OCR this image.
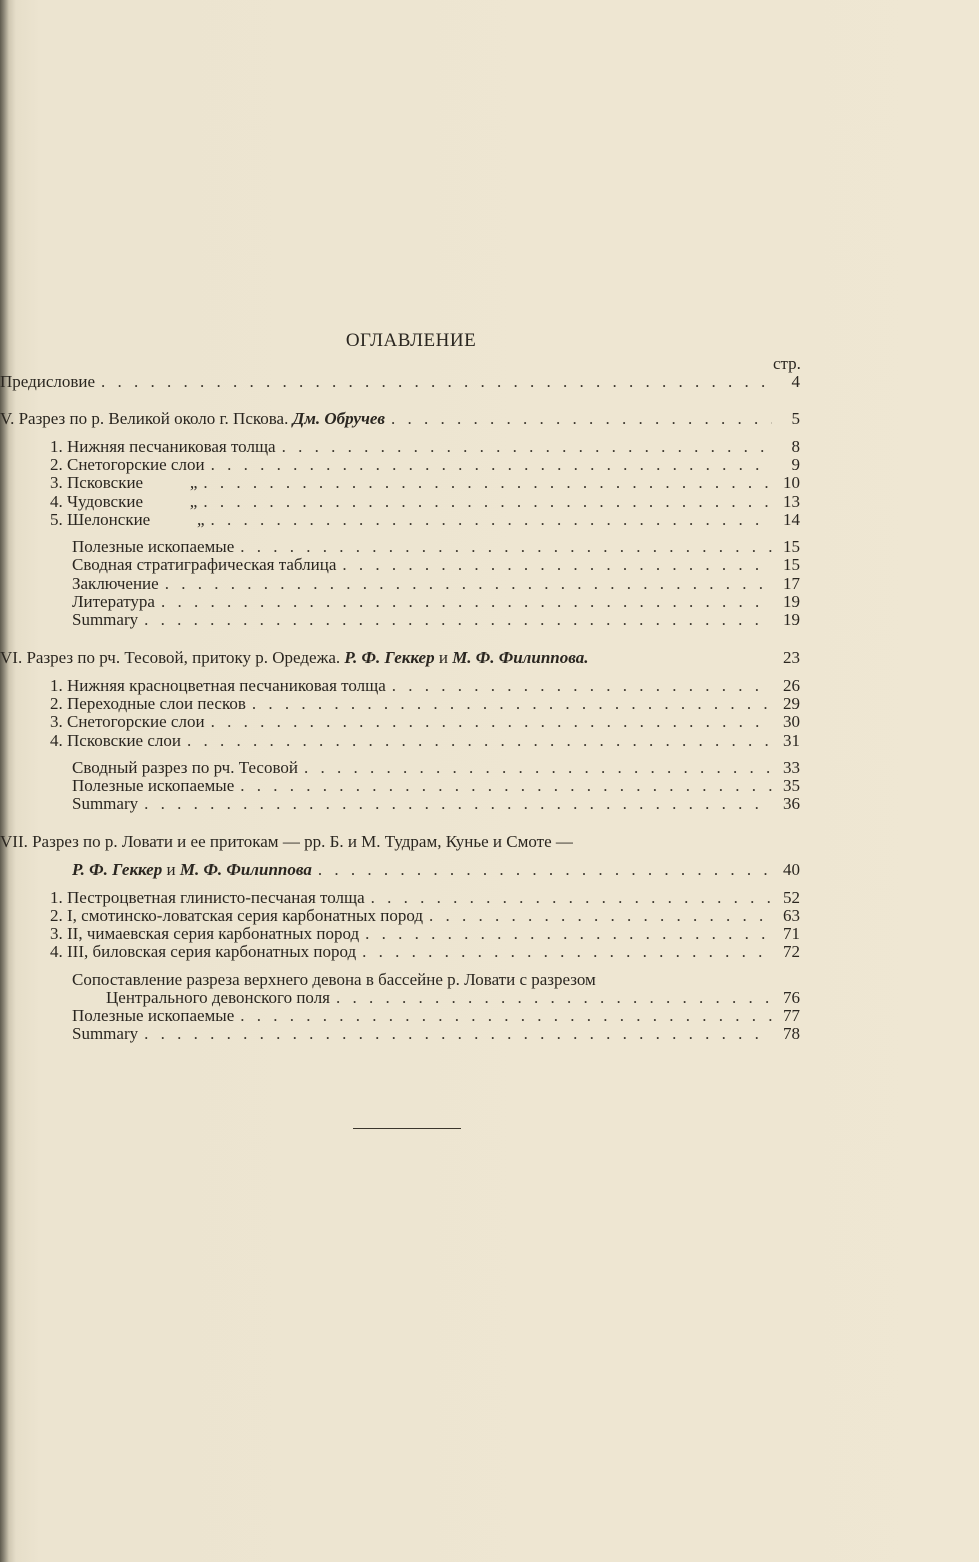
ОГЛАВЛЕНИЕ
стр.
Предисловие . . .	4
V. Разрез по р. Великой около г. Пскова. Дм. Обручев . . .	5
1. Нижняя песчаниковая толща . . .	8
2. Снетогорские слои . . .	9
3. Псковские           „ . . .	10
4. Чудовские           „ . . .	13
5. Шелонские           „ . . .	14
Полезные ископаемые . . .	15
Сводная стратиграфическая таблица . . .	15
Заключение . . .	17
Литература . . .	19
Summary . . .	19
VI. Разрез по рч. Тесовой, притоку р. Оредежа. Р. Ф. Геккер и М. Ф. Филиппова.	23
1. Нижняя красноцветная песчаниковая толща . . .	26
2. Переходные слои песков . . .	29
3. Снетогорские слои . . .	30
4. Псковские слои . . .	31
Сводный разрез по рч. Тесовой . . .	33
Полезные ископаемые . . .	35
Summary . . .	36
VII. Разрез по р. Ловати и ее притокам — рр. Б. и М. Тудрам, Кунье и Смоте —
Р. Ф. Геккер и М. Ф. Филиппова . . .	40
1. Пестроцветная глинисто-песчаная толща . . .	52
2. I, смотинско-ловатская серия карбонатных пород . . .	63
3. II, чимаевская серия карбонатных пород . . .	71
4. III, биловская серия карбонатных пород . . .	72
Сопоставление разреза верхнего девона в бассейне р. Ловати с разрезом
Центрального девонского поля . . .	76
Полезные ископаемые . . .	77
Summary . . .	78
